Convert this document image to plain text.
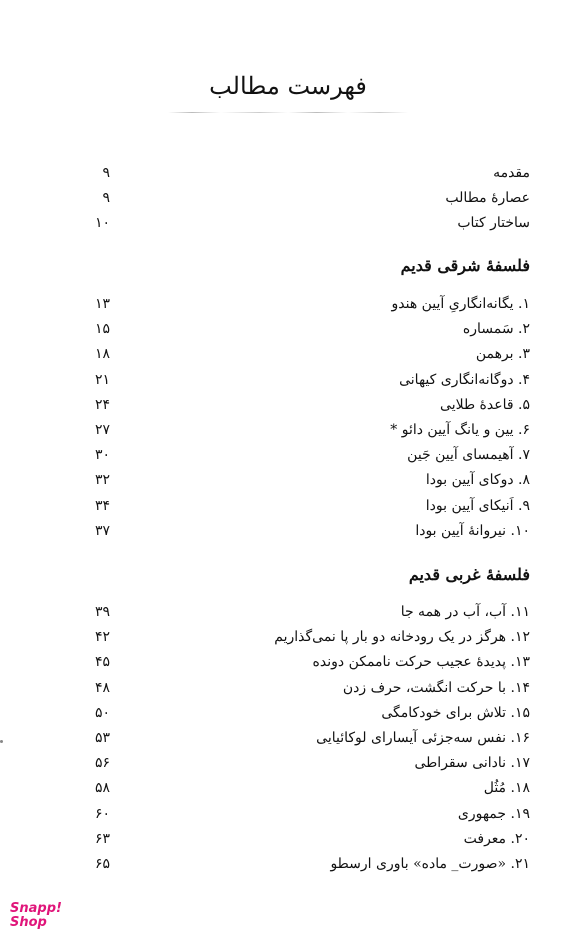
فهرست مطالب
مقدمه
۹
عصارهٔ مطالب
۹
ساختار کتاب
۱۰
فلسفهٔ شرقی قدیم
۱. یگانه‌انگاریِ آیین هندو
۱۳
۲. سَمساره
۱۵
۳. برهمن
۱۸
۴. دوگانه‌انگاری کیهانی
۲۱
۵. قاعدهٔ طلایی
۲۴
۶. یین و یانگ آیین دائو *
۲۷
۷. آهیمسای آیین جَین
۳۰
۸. دوکای آیین بودا
۳۲
۹. اَنیکای آیین بودا
۳۴
۱۰. نیروانهٔ آیین بودا
۳۷
فلسفهٔ غربی قدیم
۱۱. آب، آب در همه جا
۳۹
۱۲. هرگز در یک رودخانه دو بار پا نمی‌گذاریم
۴۲
۱۳. پدیدهٔ عجیب حرکت ناممکن دونده
۴۵
۱۴. با حرکت انگشت، حرف زدن
۴۸
۱۵. تلاش برای خودکامگی
۵۰
۱۶. نفس سه‌جزئی آیسارای لوکائیایی
۵۳
۱۷. نادانی سقراطی
۵۶
۱۸. مُثُل
۵۸
۱۹. جمهوری
۶۰
۲۰. معرفت
۶۳
۲۱. «صورت_ ماده» باوری ارسطو
۶۵
Snapp!
Shop
